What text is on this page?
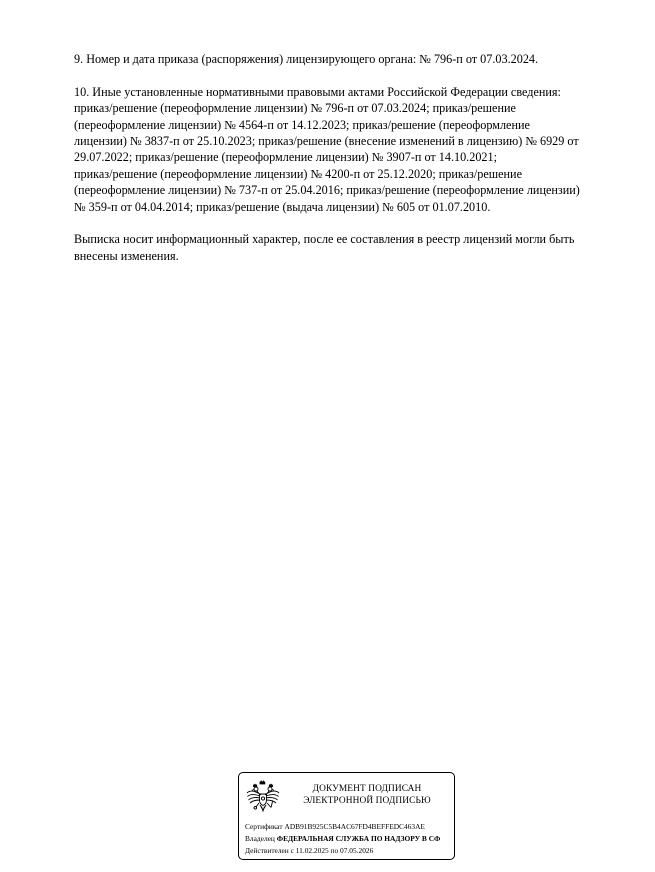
9. Номер и дата приказа (распоряжения) лицензирующего органа: № 796-п от 07.03.2024.

10. Иные установленные нормативными правовыми актами Российской Федерации сведения:
приказ/решение (переоформление лицензии) № 796-п от 07.03.2024; приказ/решение
(переоформление лицензии) № 4564-п от 14.12.2023; приказ/решение (переоформление
лицензии) № 3837-п от 25.10.2023; приказ/решение (внесение изменений в лицензию) № 6929 от
29.07.2022; приказ/решение (переоформление лицензии) № 3907-п от 14.10.2021;
приказ/решение (переоформление лицензии) № 4200-п от 25.12.2020; приказ/решение
(переоформление лицензии) № 737-п от 25.04.2016; приказ/решение (переоформление лицензии)
№ 359-п от 04.04.2014; приказ/решение (выдача лицензии) № 605 от 01.07.2010.

Выписка носит информационный характер, после ее составления в реестр лицензий могли быть
внесены изменения.

ДОКУМЕНТ ПОДПИСАН
ЭЛЕКТРОННОЙ ПОДПИСЬЮ
Сертификат ADB91B925C5B4AC67FD4BEFFEDC463AE
Владелец ФЕДЕРАЛЬНАЯ СЛУЖБА ПО НАДЗОРУ В СФ
Действителен с 11.02.2025 по 07.05.2026
